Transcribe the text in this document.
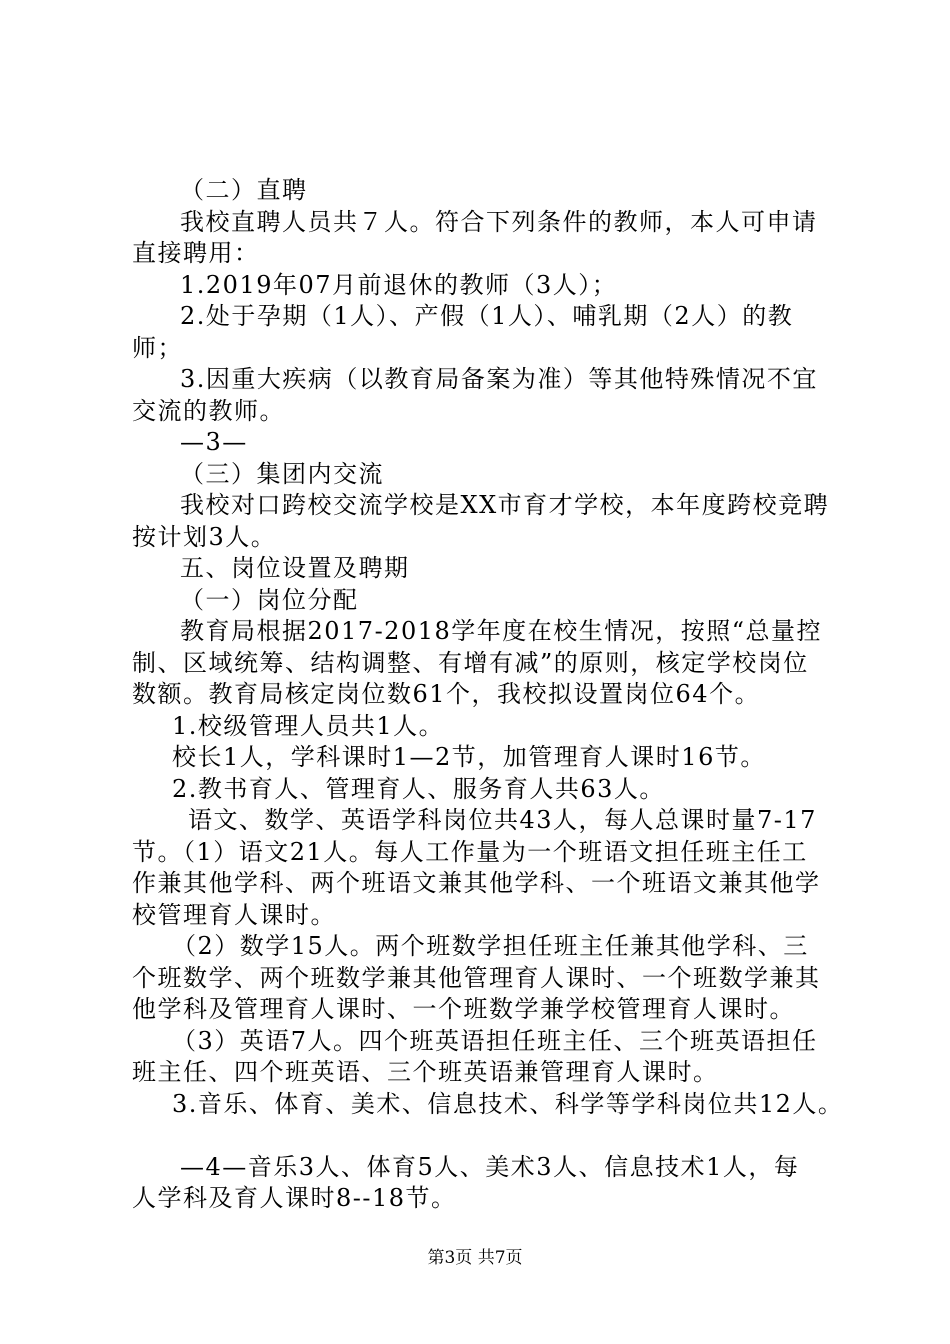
（二）直聘
我校直聘人员共７人。符合下列条件的教师，本人可申请
直接聘用：
1.2019年07月前退休的教师（3人）；
2.处于孕期（1人）、产假（1人）、哺乳期（2人）的教
师；
3.因重大疾病（以教育局备案为准）等其他特殊情况不宜
交流的教师。
—3—
（三）集团内交流
我校对口跨校交流学校是XX市育才学校，本年度跨校竞聘
按计划3人。
五、岗位设置及聘期
（一）岗位分配
教育局根据2017-2018学年度在校生情况，按照“总量控
制、区域统筹、结构调整、有增有减”的原则，核定学校岗位
数额。教育局核定岗位数61个，我校拟设置岗位64个。
1.校级管理人员共1人。
校长1人，学科课时1—2节，加管理育人课时16节。
2.教书育人、管理育人、服务育人共63人。
语文、数学、英语学科岗位共43人，每人总课时量7-17
节。（1）语文21人。每人工作量为一个班语文担任班主任工
作兼其他学科、两个班语文兼其他学科、一个班语文兼其他学
校管理育人课时。
（2）数学15人。两个班数学担任班主任兼其他学科、三
个班数学、两个班数学兼其他管理育人课时、一个班数学兼其
他学科及管理育人课时、一个班数学兼学校管理育人课时。
（3）英语7人。四个班英语担任班主任、三个班英语担任
班主任、四个班英语、三个班英语兼管理育人课时。
3.音乐、体育、美术、信息技术、科学等学科岗位共12人。
—4—音乐3人、体育5人、美术3人、信息技术1人，每
人学科及育人课时8--18节。
第3页 共7页
